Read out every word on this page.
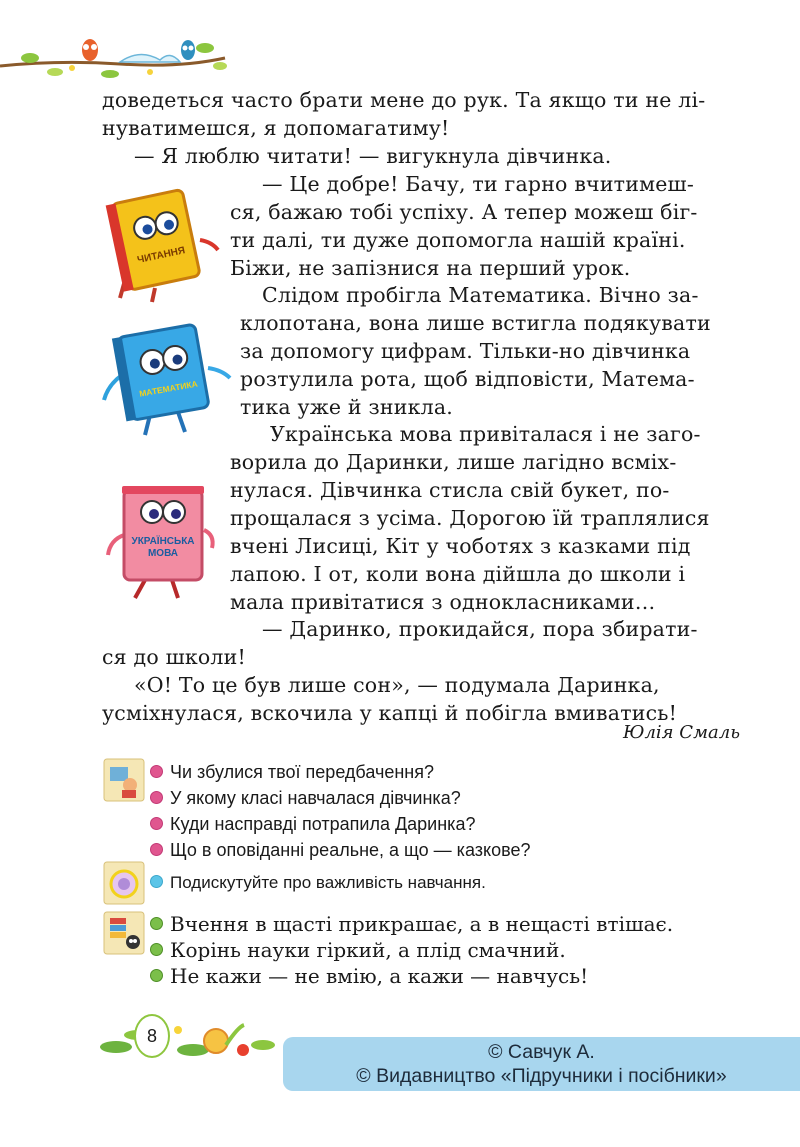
доведеться часто брати мене до рук. Та якщо ти не лі-
нуватимешся, я допомагатиму!
— Я люблю читати! — вигукнула дівчинка.
— Це добре! Бачу, ти гарно вчитимеш-
ся, бажаю тобі успіху. А тепер можеш біг-
ти далі, ти дуже допомогла нашій країні.
Біжи, не запізнися на перший урок.
Слідом пробігла Математика. Вічно за-
клопотана, вона лише встигла подякувати
за допомогу цифрам. Тільки-но дівчинка
розтулила рота, щоб відповісти, Матема-
тика уже й зникла.
Українська мова привіталася і не заго-
ворила до Даринки, лише лагідно всміх-
нулася. Дівчинка стисла свій букет, по-
прощалася з усіма. Дорогою їй траплялися
вчені Лисиці, Кіт у чоботях з казками під
лапою. І от, коли вона дійшла до школи і
мала привітатися з однокласниками…
— Даринко, прокидайся, пора збирати-
ся до школи!
«О! То це був лише сон», — подумала Даринка,
усміхнулася, вскочила у капці й побігла вмиватись!
Юлія Смаль
ЧИТАННЯ
МАТЕМАТИКА
УКРАЇНСЬКА
МОВА
Чи збулися твої передбачення?
У якому класі навчалася дівчинка?
Куди насправді потрапила Даринка?
Що в оповіданні реальне, а що — казкове?
Подискутуйте про важливість навчання.
Вчення в щасті прикрашає, а в нещасті втішає.
Корінь науки гіркий, а плід смачний.
Не кажи — не вмію, а кажи — навчусь!
8
© Савчук А.
© Видавництво «Підручники і посібники»
